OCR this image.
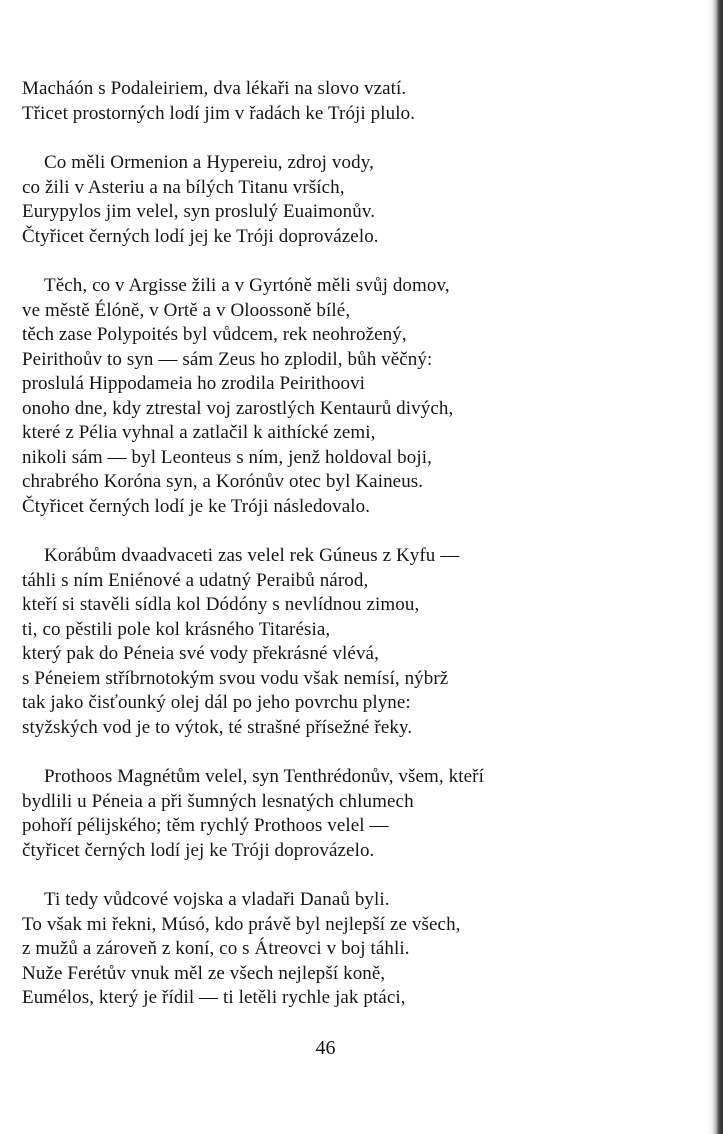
Macháón s Podaleiriem, dva lékaři na slovo vzatí.
Třicet prostorných lodí jim v řadách ke Tróji plulo.
Co měli Ormenion a Hypereiu, zdroj vody,
co žili v Asteriu a na bílých Titanu vrších,
Eurypylos jim velel, syn proslulý Euaimonův.
Čtyřicet černých lodí jej ke Tróji doprovázelo.
Těch, co v Argisse žili a v Gyrtóně měli svůj domov,
ve městě Élóně, v Ortě a v Oloossoně bílé,
těch zase Polypoités byl vůdcem, rek neohrožený,
Peirithoův to syn — sám Zeus ho zplodil, bůh věčný:
proslulá Hippodameia ho zrodila Peirithoovi
onoho dne, kdy ztrestal voj zarostlých Kentaurů divých,
které z Pélia vyhnal a zatlačil k aithícké zemi,
nikoli sám — byl Leonteus s ním, jenž holdoval boji,
chrabrého Koróna syn, a Korónův otec byl Kaineus.
Čtyřicet černých lodí je ke Tróji následovalo.
Korábům dvaadvaceti zas velel rek Gúneus z Kyfu —
táhli s ním Eniénové a udatný Peraibů národ,
kteří si stavěli sídla kol Dódóny s nevlídnou zimou,
ti, co pěstili pole kol krásného Titarésia,
který pak do Péneia své vody překrásné vlévá,
s Péneiem stříbrnotokým svou vodu však nemísí, nýbrž
tak jako čisťounký olej dál po jeho povrchu plyne:
styžských vod je to výtok, té strašné přísežné řeky.
Prothoos Magnétům velel, syn Tenthrédonův, všem, kteří
bydlili u Péneia a při šumných lesnatých chlumech
pohoří pélijského; těm rychlý Prothoos velel —
čtyřicet černých lodí jej ke Tróji doprovázelo.
Ti tedy vůdcové vojska a vladaři Danaů byli.
To však mi řekni, Músó, kdo právě byl nejlepší ze všech,
z mužů a zároveň z koní, co s Átreovci v boj táhli.
Nuže Ferétův vnuk měl ze všech nejlepší koně,
Eumélos, který je řídil — ti letěli rychle jak ptáci,
46
